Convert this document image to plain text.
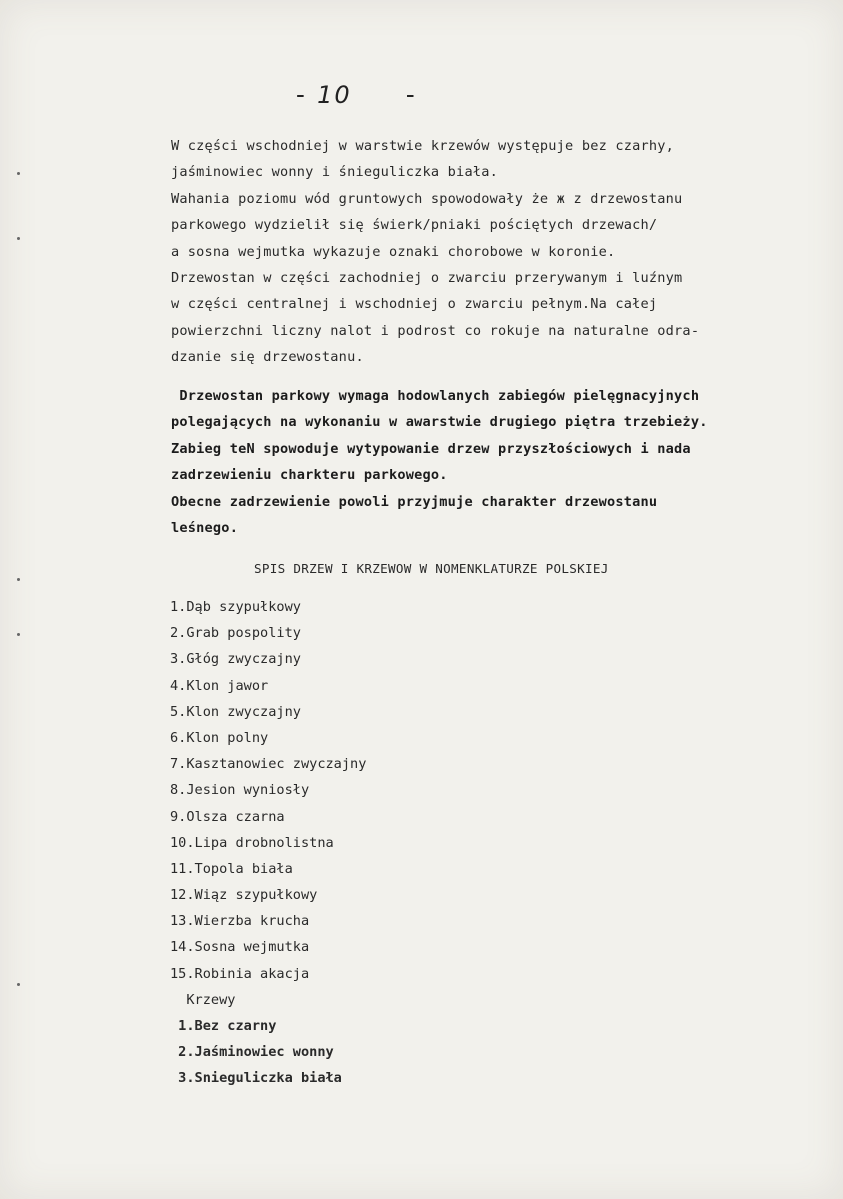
- 10 -
W części wschodniej w warstwie krzewów występuje bez czarhy,
jaśminowiec wonny i śnieguliczka biała.
Wahania poziomu wód gruntowych spowodowały że ж z drzewostanu
parkowego wydzielił się świerk/pniaki pościętych drzewach/
a sosna wejmutka wykazuje oznaki chorobowe w koronie.
Drzewostan w części zachodniej o zwarciu przerywanym i luźnym
w części centralnej i wschodniej o zwarciu pełnym.Na całej
powierzchni liczny nalot i podrost co rokuje na naturalne odra-
dzanie się drzewostanu.
Drzewostan parkowy wymaga hodowlanych zabiegów pielęgnacyjnych
polegających na wykonaniu w awarstwie drugiego piętra trzebieży.
Zabieg teN spowoduje wytypowanie drzew przyszłościowych i nada
zadrzewieniu charkteru parkowego.
Obecne zadrzewienie powoli przyjmuje charakter drzewostanu
leśnego.
SPIS DRZEW I KRZEWOW W NOMENKLATURZE POLSKIEJ
1.Dąb szypułkowy
2.Grab pospolity
3.Głóg zwyczajny
4.Klon jawor
5.Klon zwyczajny
6.Klon polny
7.Kasztanowiec zwyczajny
8.Jesion wyniosły
9.Olsza czarna
10.Lipa drobnolistna
11.Topola biała
12.Wiąz szypułkowy
13.Wierzba krucha
14.Sosna wejmutka
15.Robinia akacja
Krzewy
1.Bez czarny
2.Jaśminowiec wonny
3.Snieguliczka biała
